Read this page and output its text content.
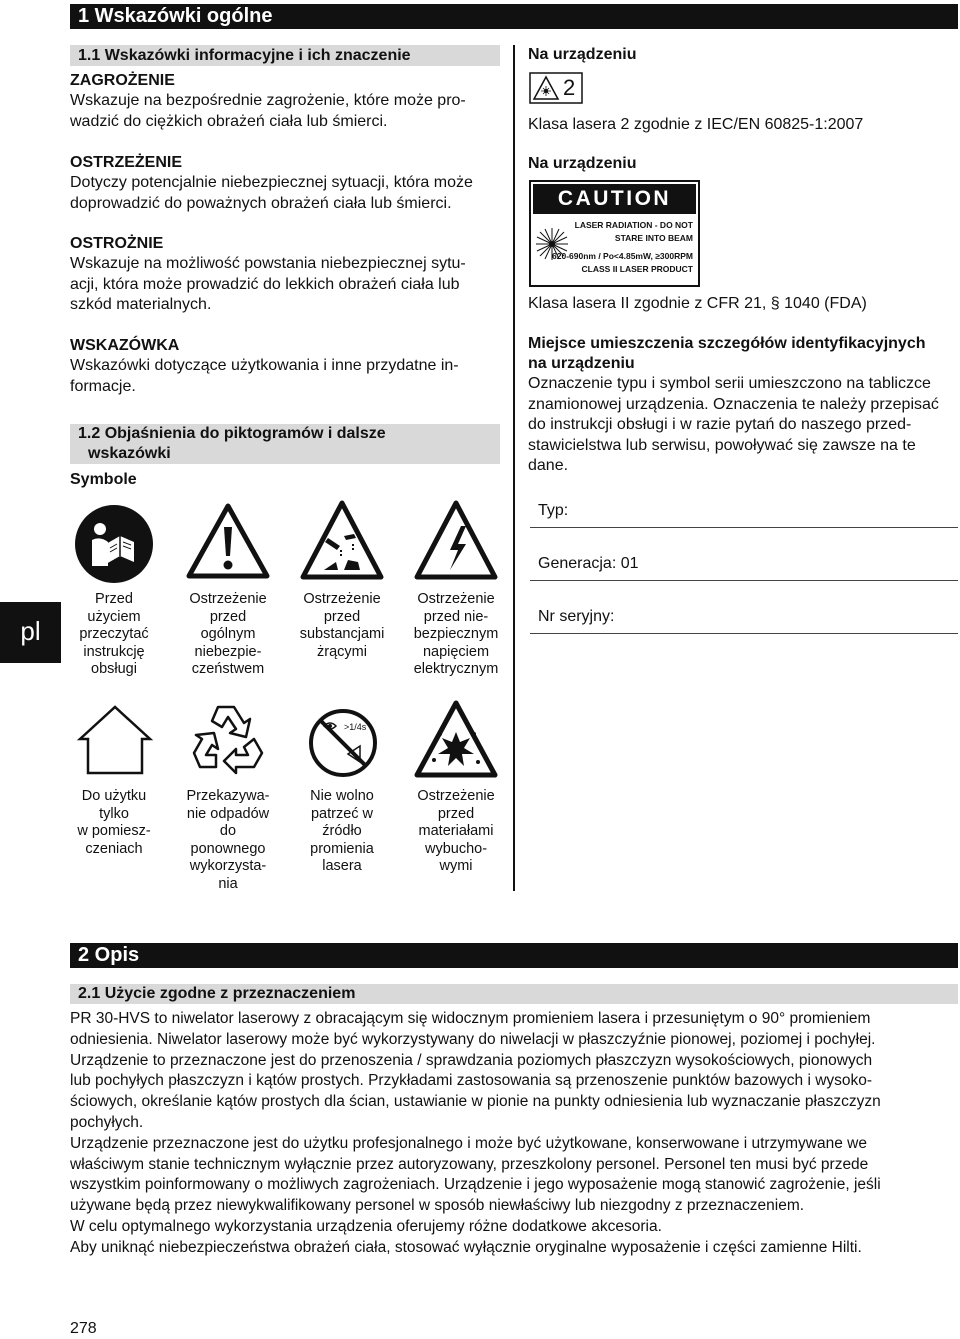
1 Wskazówki ogólne
1.1 Wskazówki informacyjne i ich znaczenie
ZAGROŻENIE
Wskazuje na bezpośrednie zagrożenie, które może pro-
wadzić do ciężkich obrażeń ciała lub śmierci.
OSTRZEŻENIE
Dotyczy potencjalnie niebezpiecznej sytuacji, która może
doprowadzić do poważnych obrażeń ciała lub śmierci.
OSTROŻNIE
Wskazuje na możliwość powstania niebezpiecznej sytu-
acji, która może prowadzić do lekkich obrażeń ciała lub
szkód materialnych.
WSKAZÓWKA
Wskazówki dotyczące użytkowania i inne przydatne in-
formacje.
1.2 Objaśnienia do piktogramów i dalsze
wskazówki
Symbole
Przed
użyciem
przeczytać
instrukcję
obsługi
Ostrzeżenie
przed
ogólnym
niebezpie-
czeństwem
Ostrzeżenie
przed
substancjami
żrącymi
Ostrzeżenie
przed nie-
bezpiecznym
napięciem
elektrycznym
>1/4s
Do użytku
tylko
w pomiesz-
czeniach
Przekazywa-
nie odpadów
do
ponownego
wykorzysta-
nia
Nie wolno
patrzeć w
źródło
promienia
lasera
Ostrzeżenie
przed
materiałami
wybucho-
wymi
pl
Na urządzeniu
2
Klasa lasera 2 zgodnie z IEC/EN 60825-1:2007
Na urządzeniu
CAUTION
LASER RADIATION - DO NOT
STARE INTO BEAM
620-690nm / Po<4.85mW, ≥300RPM
CLASS II LASER PRODUCT
Klasa lasera II zgodnie z CFR 21, § 1040 (FDA)
Miejsce umieszczenia szczegółów identyfikacyjnych
na urządzeniu
Oznaczenie typu i symbol serii umieszczono na tabliczce
znamionowej urządzenia. Oznaczenia te należy przepisać
do instrukcji obsługi i w razie pytań do naszego przed-
stawicielstwa lub serwisu, powoływać się zawsze na te
dane.
Typ:
Generacja: 01
Nr seryjny:
2 Opis
2.1 Użycie zgodne z przeznaczeniem
PR 30-HVS to niwelator laserowy z obracającym się widocznym promieniem lasera i przesuniętym o 90° promieniem
odniesienia. Niwelator laserowy może być wykorzystywany do niwelacji w płaszczyźnie pionowej, poziomej i pochyłej.
Urządzenie to przeznaczone jest do przenoszenia / sprawdzania poziomych płaszczyzn wysokościowych, pionowych
lub pochyłych płaszczyzn i kątów prostych. Przykładami zastosowania są przenoszenie punktów bazowych i wysoko-
ściowych, określanie kątów prostych dla ścian, ustawianie w pionie na punkty odniesienia lub wyznaczanie płaszczyzn
pochyłych.
Urządzenie przeznaczone jest do użytku profesjonalnego i może być użytkowane, konserwowane i utrzymywane we
właściwym stanie technicznym wyłącznie przez autoryzowany, przeszkolony personel. Personel ten musi być przede
wszystkim poinformowany o możliwych zagrożeniach. Urządzenie i jego wyposażenie mogą stanowić zagrożenie, jeśli
używane będą przez niewykwalifikowany personel w sposób niewłaściwy lub niezgodny z przeznaczeniem.
W celu optymalnego wykorzystania urządzenia oferujemy różne dodatkowe akcesoria.
Aby uniknąć niebezpieczeństwa obrażeń ciała, stosować wyłącznie oryginalne wyposażenie i części zamienne Hilti.
278
